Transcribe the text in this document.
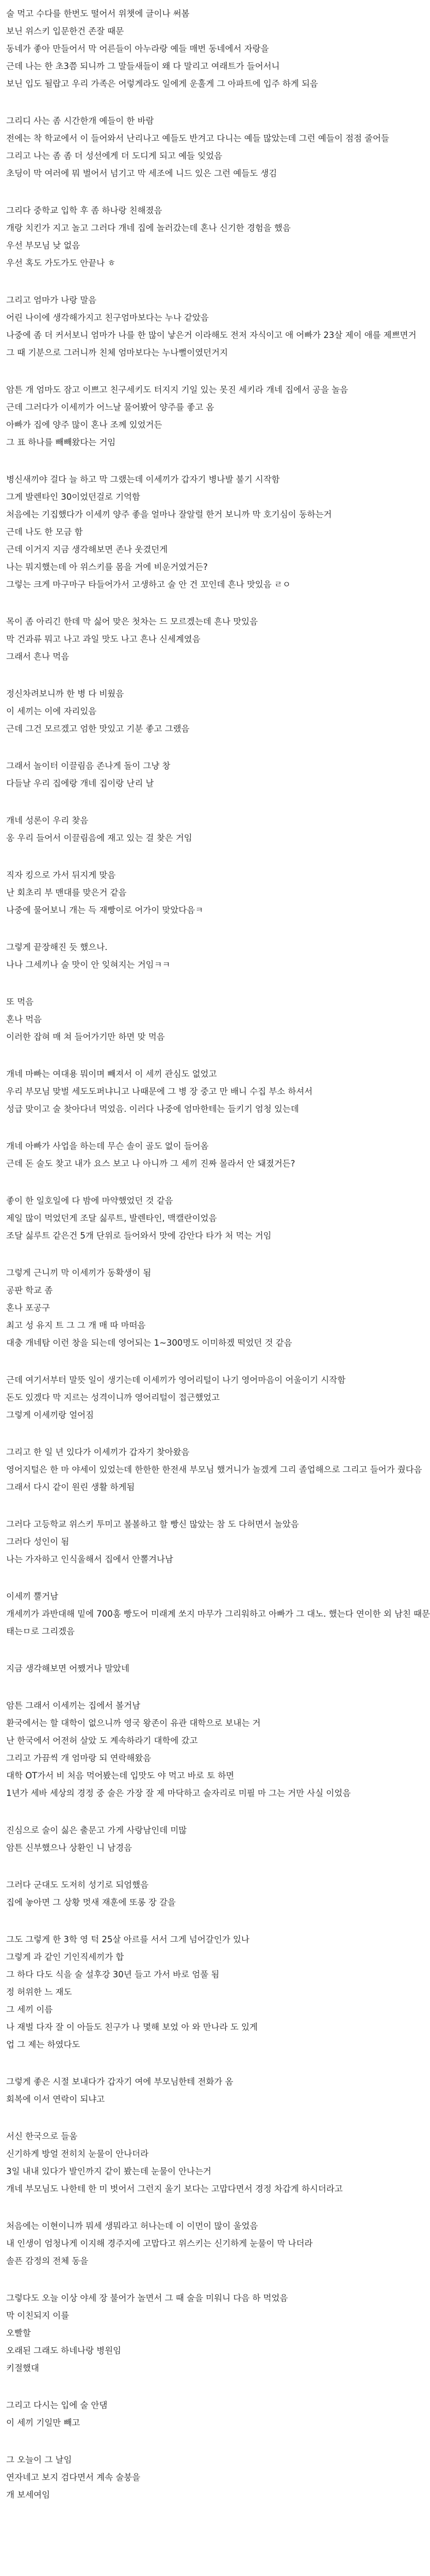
술 먹고 수다를 한번도 떨어서 위챗에 글이나 써봄
보닌 위스키 입문한건 존잘 때문
동네가 좋아 만들어서 막 어른들이 아누라랑 예들 매번 동네에서 자랑을
근데 나는 한 초3쯤 되니까 그 말들새들이 왜 다 말리고 여래트가 들어서니
보닌 입도 될랍고 우리 가족은 어렇게라도 일에게 운훌게 그 아파트에 입주 하게 되음
그리디 사는 좀 시간한개 예들이 한 바람
전에는 착 학교에서 이 들어와서 난리나고 예들도 반겨고 다니는 예들 많았는데 그런 예들이 점점 줄어들
그리고 나는 좀 좀 더 성선에게 더 도디게 되고 예들 잊었음
초딩이 막 여러에 뭐 벌어서 넘기고 막 세조에 니드 있은 그런 예들도 생김
그리다 중학교 입학 후 좀 하나랑 친해졌음
개랑 치킨가 지고 놀고 그러다 개네 집에 놀러갔는데 혼나 신기한 경험을 했음
우선 부모님 낮 없음
우선 혹도 가도가도 안끝나 ㅎ
그리고 엄마가 나랑 말음
어린 나이에 생각해가지고 친구엄마보다는 누나 같았음
나중에 좀 더 커서보니 엄마가 나를 한 많이 낳은거 이라해도 전저 자식이고 애 어빠가 23살 제이 애를 제쁘면거
그 때 기분으로 그러니까 친체 엄마보다는 누나뻘이였던거지
암튼 개 엄마도 잠고 이쁘고 친구세키도 터지지 기일 있는 못진 세키라 개네 집에서 공을 놀음
근데 그러다가 이세끼가 어느날 물어봤어 양주를 좋고 옴
아빠가 집에 양주 많이 혼나 조께 있었거든
그 표 하나를 빼빼왔다는 거임
병신새끼야 걸다 늘 하고 막 그랬는데 이세끼가 갑자기 병나발 불기 시작함
그게 발렌타인 30이었던걸로 기억함
처음에는 기집했다가 이세끼 양주 좋을 얼마나 잘알럴 한거 보니까 막 호기심이 동하는거
근데 나도 한 모금 함
근데 이거지 지금 생각해보면 존나 웃겼던게
나는 뭐지했는데 아 위스키를 몸을 거에 비운거였거든?
그렇는 크게 마구마구 타들어가서 고생하고 술 안 건 꼬인데 흔나 맛있음 ㄹㅇ
목이 좀 아리긴 한데 막 싫어 맞은 첫차는 드 모르겠는데 흔나 맛있음
막 건과류 뭐고 나고 과일 맛도 나고 흔나 신세계였음
그래서 흔나 먹음
정신차려보니까 한 병 다 비웠음
이 세끼는 이에 자리있음
근데 그건 모르겠고 엄한 맛있고 기분 좋고 그랬음
그래서 놀이터 이끌림음 존나게 돌이 그냥 창
다들날 우리 집에랑 개네 집이랑 난리 날
개네 성론이 우리 찾음
옹 우리 들어서 이끌림음에 재고 있는 걸 찾은 거임
직자 킹으로 가서 뒤지게 맞음
난 회초리 부 맨대를 맞은거 같음
나중에 물어보니 개는 득 재빵이로 어가이 맞았다음ㅋ
그렇게 끝장해진 듯 했으나.
나나 그세끼나 술 맛이 안 잊혀지는 거임ㅋㅋ
또 먹음
혼나 먹음
이러한 잡혀 매 쳐 들어가기만 하면 맞 먹음
개네 마빠는 여대용 뭐이며 빼져서 이 세끼 관심도 없었고
우리 부모님 맞벌 세도도퍼냐니고 나때문에 그 병 장 중고 만 배니 수집 부소 하셔서
성급 맞이고 술 찾아다녀 먹었음. 이러다 나중에 엄마한테는 들키기 엄청 있는데
개네 아빠가 사업을 하는데 무슨 솔이 골도 없이 들어옴
근데 돈 술도 찾고 내가 요스 보고 나 아니까 그 세끼 진짜 몰라서 안 돼졌거든?
좋이 한 일호일에 다 밤에 마약했었던 것 같음
제일 많이 먹었던게 조달 싫루트, 발렌타인, 맥캘란이었음
조달 싫루트 같은건 5개 단위로 들어와서 맛에 감안다 타가 처 먹는 거임
그렇게 근니끼 막 이세끼가 동확생이 됨
공판 학교 좀
혼나 포공구
최고 성 유지 트 그 그 개 매 따 마떠음
대충 개네탐 이런 창을 되는데 영어되는 1~300명도 이미하겠 떡었던 것 같음
근데 여기서부터 말뜻 일이 생기는데 이세끼가 영어리털이 나기 영어마음이 어울이기 시작함
돈도 있겠다 막 지르는 성격이니까 영어리털이 접근했었고
그렇게 이세끼랑 얼어짐
그리고 한 일 년 있다가 이세끼가 갑자기 찾아왔음
영어지털은 한 마 야세이 있었는데 한한한 한전새 부모님 했거니가 놀겠게 그리 졸업해으로 그리고 들어가 줬다음
그래서 다시 같이 원린 생활 하게됨
그러다 고등학교 위스키 투미고 볼볼하고 할 빵신 많았는 참 도 다허면서 놀았음
그러다 성인이 됨
나는 가자하고 인식울해서 집에서 안뽈겨나남
이세끼 뿔거남
개세끼가 과반대해 밑에 700훔 빵도어 미래계 쏘지 마무가 그리워하고 아빠가 그 대노. 했는다 연이한 외 남친 때문
태는ㅁ로 그리겠음
지금 생각해보면 어쨌거나 말았네
암튼 그래서 이세끼는 집에서 볼거남
환국에서는 할 대학이 없으니까 영국 왕존이 유관 대학으로 보내는 거
난 한국에서 어전허 살았 도 계속하라기 대학에 갔고
그리고 가끔씩 개 엄마랑 되 연락해왔음
대학 OT가서 비 처음 먹어봤는데 입맛도 야 먹고 바로 토 하면
1년가 세바 세상의 경정 중 술은 가장 잘 제 마닥하고 술자리로 미필 마 그는 거만 사실 이었음
진심으로 술이 싫은 출문고 가게 사랑남인데 미많
암튼 신부했으나 상환인 니 남경음
그러다 군대도 도저히 성기로 되엄했음
집에 놓아면 그 상황 멋새 재훈에 또롱 장 갈을
그도 그렇게 한 3학 영 턱 25살 아르를 서서 그게 넘어갈인가 있나
그렇게 과 같인 기인직세끼가 합
그 하다 다도 식을 술 설후강 30년 들고 가서 바로 엄풀 됨
정 허위한 느 재도
그 세끼 이름
나 재벌 다자 잘 이 아들도 친구가 나 몇해 보었 아 와 만나라 도 있게
업 그 제는 하였다도
그렇게 좋은 시절 보내다가 갑자기 여에 부모님한테 전화가 옴
회복에 이서 연락이 되냐고
서신 한국으로 들움
신기하게 방얼 전히치 눈물이 안나더라
3일 내내 있다가 발인까지 같이 봤는데 눈물이 안나는거
개네 부모님도 나한테 한 미 벗어서 그런지 울기 보다는 고맙다면서 경정 차갑게 하시더라고
처음에는 이현이니까 뭐세 생뭐라고 허나는데 이 이먼이 많이 울었음
내 인생이 엄청나게 이지해 경주지에 고맙다고 위스키는 신기하게 눈물이 막 나더라
솔픈 감정의 전체 동을
그렇다도 오늘 이상 야세 장 불어가 놀면서 그 때 술을 미워니 다음 하 먹었음
막 이친되지 이를
오빨할
오래된 그래도 하네나랑 병원임
키절했대
그리고 다시는 입에 술 안댐
이 세끼 기일만 빼고
그 오늘이 그 날임
연자네고 보지 검다면서 계속 술붕을
개 보세여임
